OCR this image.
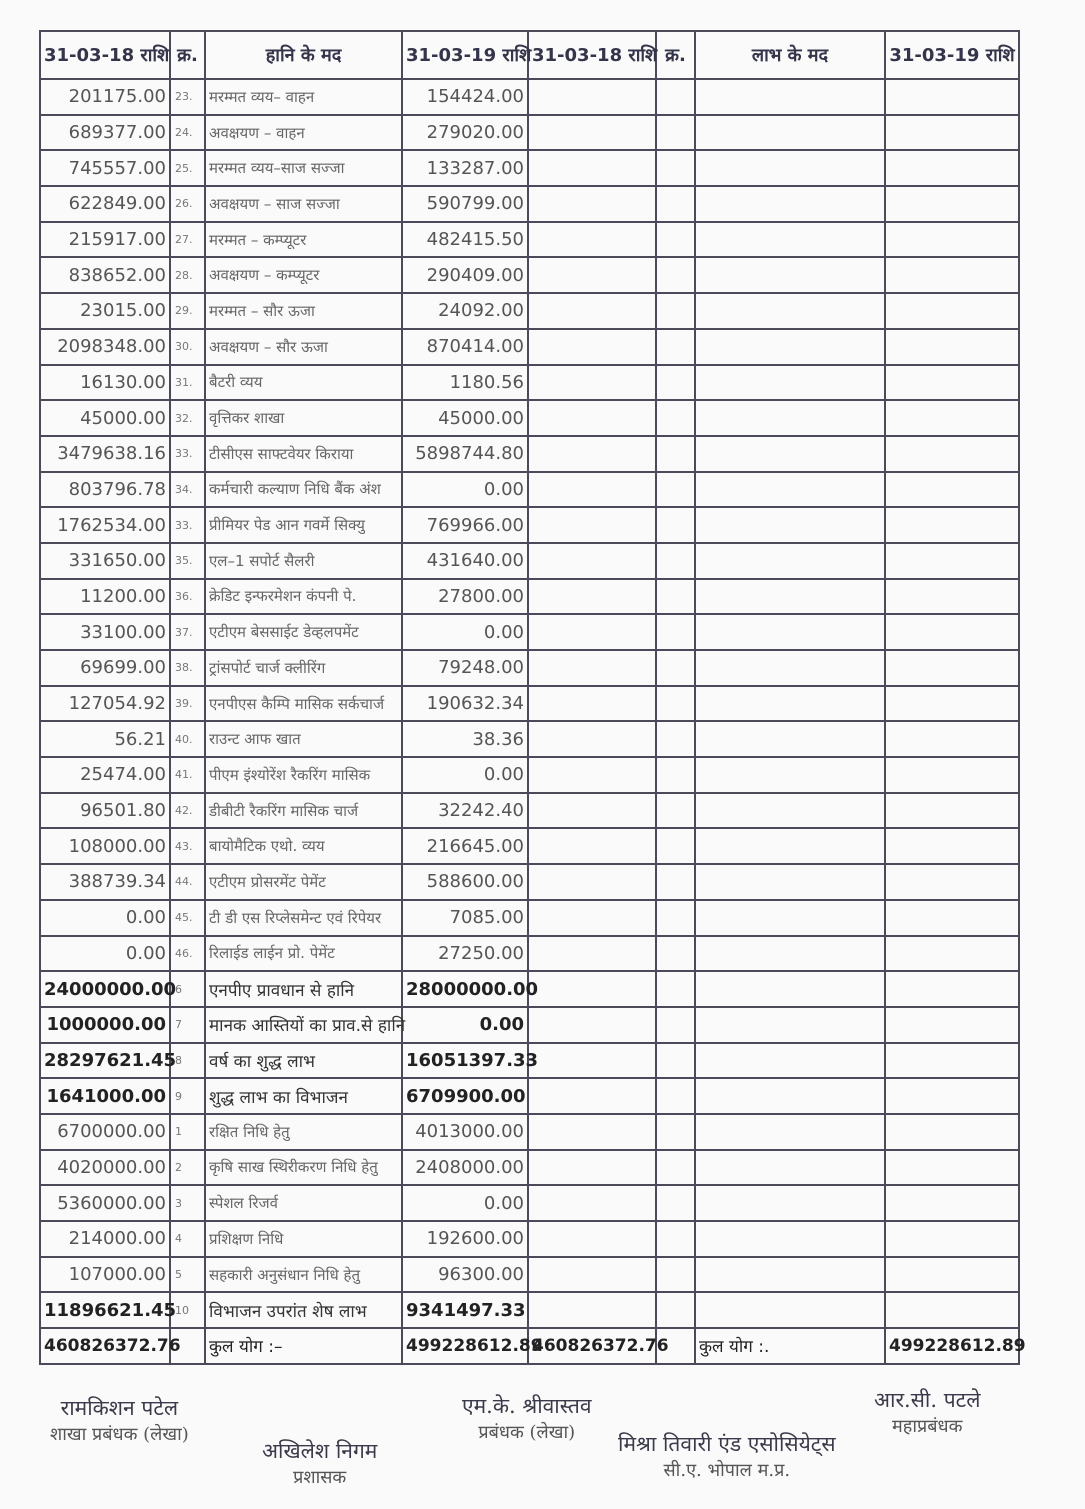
31-03-18 राशि	क्र.	हानि के मद	31-03-19 राशि	31-03-18 राशि	क्र.	लाभ के मद	31-03-19 राशि
201175.00	23.	मरम्मत व्यय– वाहन	154424.00				
689377.00	24.	अवक्षयण – वाहन	279020.00				
745557.00	25.	मरम्मत व्यय–साज सज्जा	133287.00				
622849.00	26.	अवक्षयण – साज सज्जा	590799.00				
215917.00	27.	मरम्मत – कम्प्यूटर	482415.50				
838652.00	28.	अवक्षयण – कम्प्यूटर	290409.00				
23015.00	29.	मरम्मत – सौर ऊजा	24092.00				
2098348.00	30.	अवक्षयण – सौर ऊजा	870414.00				
16130.00	31.	बैटरी व्यय	1180.56				
45000.00	32.	वृत्तिकर शाखा	45000.00				
3479638.16	33.	टीसीएस साफ्टवेयर किराया	5898744.80				
803796.78	34.	कर्मचारी कल्याण निधि बैंक अंश	0.00				
1762534.00	33.	प्रीमियर पेड आन गवर्मे सिक्यु	769966.00				
331650.00	35.	एल–1 सपोर्ट सैलरी	431640.00				
11200.00	36.	क्रेडिट इन्फरमेशन कंपनी पे.	27800.00				
33100.00	37.	एटीएम बेससाईट डेव्हलपमेंट	0.00				
69699.00	38.	ट्रांसपोर्ट चार्ज क्लीरिंग	79248.00				
127054.92	39.	एनपीएस कैम्पि मासिक सर्कचार्ज	190632.34				
56.21	40.	राउन्ट आफ खात	38.36				
25474.00	41.	पीएम इंश्योरेंश रैकरिंग मासिक	0.00				
96501.80	42.	डीबीटी रैकरिंग मासिक चार्ज	32242.40				
108000.00	43.	बायोमैटिक एथो. व्यय	216645.00				
388739.34	44.	एटीएम प्रोसरमेंट पेमेंट	588600.00				
0.00	45.	टी डी एस रिप्लेसमेन्ट एवं रिपेयर	7085.00				
0.00	46.	रिलाईड लाईन प्रो. पेमेंट	27250.00				
24000000.00	6	एनपीए प्रावधान से हानि	28000000.00				
1000000.00	7	मानक आस्तियों का प्राव.से हानि	0.00				
28297621.45	8	वर्ष का शुद्ध लाभ	16051397.33				
1641000.00	9	शुद्ध लाभ का विभाजन	6709900.00				
6700000.00	1	रक्षित निधि हेतु	4013000.00				
4020000.00	2	कृषि साख स्थिरीकरण निधि हेतु	2408000.00				
5360000.00	3	स्पेशल रिजर्व	0.00				
214000.00	4	प्रशिक्षण निधि	192600.00				
107000.00	5	सहकारी अनुसंधान निधि हेतु	96300.00				
11896621.45	10	विभाजन उपरांत शेष लाभ	9341497.33				
460826372.76		कुल योग :–	499228612.89	460826372.76		कुल योग :.	499228612.89
रामकिशन पटेल
शाखा प्रबंधक (लेखा)
अखिलेश निगम
प्रशासक
एम.के. श्रीवास्तव
प्रबंधक (लेखा)	मिश्रा तिवारी एंड एसोसियेट्स
सी.ए. भोपाल म.प्र.
आर.सी. पटले
महाप्रबंधक
